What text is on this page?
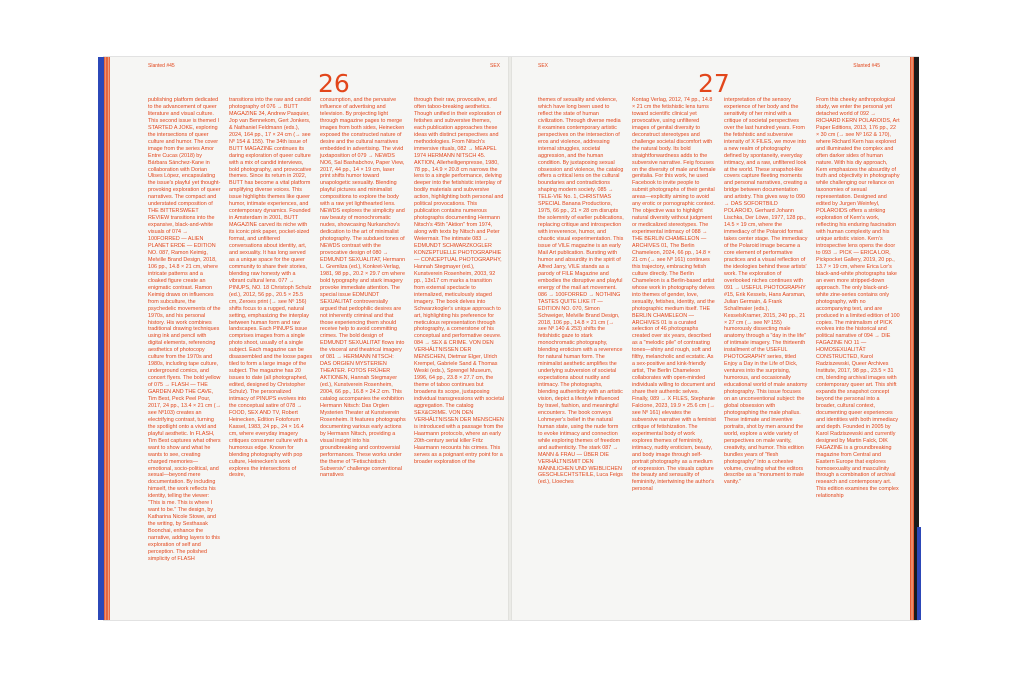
Slanted #45	SEX
26
publishing platform dedicated to the advancement of queer literature and visual culture. This second issue is themed I STARTED A JOKE, exploring the intersections of queer culture and humor. The cover image from the series Amor Entre Cucas (2018) by Bárbara Sánchez-Kane in collaboration with Dorian Ulises López, encapsulating the issue's playful yet thought-provoking exploration of queer narratives. The compact and understated composition of THE BITTERSWEET REVIEW transitions into the expansive, black-and-white visuals of 074 → 100FORRED — ALIEN PLANET ERDE — EDITION NO. 087, Ramon Keimig, Melville Brand Design, 2018, 106 pp., 14.8 × 21 cm, where intricate patterns and a cloaked figure create an enigmatic contrast. Ramon Keimig draws on influences from subculture, the psychedelic movements of the 1970s, and his personal history. His work combines traditional drawing techniques using ink and pencil with digital elements, referencing aesthetics of photocopy culture from the 1970s and 1980s, including tape culture, underground comics, and concert flyers. The bold yellow of 075 → FLASH — THE GARDEN AND THE CAVE, Tim Best, Peck Peel Pour, 2017, 24 pp., 13.4 × 21 cm (→ see Nº103) creates an electrifying contrast, turning the spotlight onto a vivid and playful aesthetic. In FLASH, Tim Best captures what others want to show and what he wants to see, creating charged memories—emotional, socio-political, and sexual—beyond mere documentation. By including himself, the work reflects his identity, telling the viewer: "This is me. This is where I want to be." The design, by Katharina Nicole Stowe, and the writing, by Sesthasak Boonchai, enhance the narrative, adding layers to this exploration of self and perception. The polished simplicity of FLASH
transitions into the raw and candid photography of 076 → BUTT MAGAZINE 34, Andrew Pasquier, Jop van Bennekom, Gert Jonkers, & Nathaniel Feldmann (eds.), 2024, 164 pp., 17 × 24 cm (→ see Nº 154 & 155). The 34th issue of BUTT MAGAZINE continues its daring exploration of queer culture with a mix of candid interviews, bold photography, and provocative themes. Since its return in 2022, BUTT has become a vital platform amplifying diverse voices. This issue highlights themes like queer humor, intimate experiences, and contemporary dynamics. Founded in Amsterdam in 2001, BUTT MAGAZINE carved its niche with its iconic pink paper, pocket-sized format, and unfiltered conversations about identity, art, and sexuality. It has long served as a unique space for the queer community to share their stories, blending raw honesty with a vibrant cultural lens. 077 → PINUPS, NO. 18 Christoph Schulz (ed.), 2012, 56 pp., 20.5 × 25.5 cm, Zeroes print (→ see Nº 156) shifts focus to a rugged, natural setting, emphasizing the interplay between human form and raw landscapes. Each PINUPS issue comprises images from a single photo shoot, usually of a single subject. Each magazine can be disassembled and the loose pages tiled to form a large image of the subject. The magazine has 20 issues to date (all photographed, edited, designed by Christopher Schulz). The personalized intimacy of PINUPS evolves into the conceptual satire of 078 → FOOD, SEX AND TV, Robert Heinecken, Edition Fotoforum Kassel, 1983, 24 pp., 24 × 16.4 cm, where everyday imagery critiques consumer culture with a humorous edge. Known for blending photography with pop culture, Heinecken's work explores the intersections of desire,
consumption, and the pervasive influence of advertising and television. By projecting light through magazine pages to merge images from both sides, Heinecken exposed the constructed nature of desire and the cultural narratives embedded in advertising. The vivid juxtaposition of 079 → NEWDS NO6, Sal Bashabchov, Paper View, 2017, 44 pp., 14 × 19 cm, laser print shifts humor toward unapologetic sexuality. Blending playful pictures and minimalist compositions to explore the body with a raw yet lighthearted lens. NEWDS explores the simplicity and raw beauty of monochromatic nudes, showcasing Nurkanchov's dedication to the art of minimalist photography. The subdued tones of NEWDS contrast with the provocative design of 080 → EDMUNDT SEXUALITAT, Hermann L. Gremliza (ed.), Konkret-Verlag, 1981, 98 pp., 20.2 × 29.7 cm where bold typography and stark imagery provoke immediate attention. The special issue EDMUNDT SEXUALITAT controversially argued that pedophilic desires are not inherently criminal and that those experiencing them should receive help to avoid committing crimes. The bold design of EDMUNDT SEXUALITAT flows into the visceral and theatrical imagery of 081 → HERMANN NITSCH: DAS ORGIEN MYSTERIEN THEATER. FOTOS FRÜHER AKTIONEN, Hannah Stegmayer (ed.), Kunstverein Rosenheim, 2004, 66 pp., 16.8 × 24.2 cm. This catalog accompanies the exhibition Hermann Nitsch: Das Orgien Mysterien Theater at Kunstverein Rosenheim. It features photographs documenting various early actions by Hermann Nitsch, providing a visual insight into his groundbreaking and controversial performances. These works under the theme of "Fetischistisch Subversiv" challenge conventional narratives
through their raw, provocative, and often taboo-breaking aesthetics. Though unified in their exploration of fetishes and subversive themes, each publication approaches these ideas with distinct perspectives and methodologies. From Nitsch's immersive rituals, 082 → MEAPEL 1974 HERMANN NITSCH 45. AKTION, Allerheiligenpresse, 1980, 78 pp., 14.9 × 20.8 cm narrows the lens to a single performance, delving deeper into the fetishistic interplay of bodily materials and subversive action, highlighting both personal and political provocations. This publication contains numerous photographs documenting Hermann Nitsch's 45th "Aktion" from 1974, along with texts by Nitsch and Peter Weiermair. The intimate 083 → EDMUNDT SCHWARZKOGLER KONZEPTUELLE PHOTOGRAPHIE — CONCEPTUAL PHOTOGRAPHY, Hannah Stegmayer (ed.), Kunstverein Rosenheim, 2003, 92 pp., 13x17 cm marks a transition from external spectacle to internalized, meticulously staged imagery. The book delves into Schwarzkogler's unique approach to art, highlighting his preference for meticulous representation through photography, a cornerstone of his conceptual and performative oeuvre. 084 → SEX & CRIME. VON DEN VERHÄLTNISSEN DER MENSCHEN, Dietmar Elger, Ulrich Krempel, Gabriele Sand & Thomas Weski (eds.), Sprengel Museum, 1996, 64 pp., 23.8 × 27.7 cm, the theme of taboo continues but broadens its scope, juxtaposing individual transgressions with societal aggregation. The catalog SEX&CRIME. VON DEN VERHÄLTNISSEN DER MENSCHEN is introduced with a passage from the Haarmann protocols, where an early 20th-century serial killer Fritz Haarmann recounts his crimes. This serves as a poignant entry point for a broader exploration of the
SEX	Slanted #45
27
themes of sexuality and violence, which have long been used to reflect the state of human civilization. Through diverse media it examines contemporary artistic perspectives on the intersection of eros and violence, addressing internal struggles, societal aggression, and the human condition. By juxtaposing sexual obsession and violence, the catalog offers a critical lens on the cultural boundaries and contradictions shaping modern society. 085 → TELE-VIE No. 1, CHRISTMAS SPECIAL Banana Productions, 1975, 66 pp., 21 × 28 cm disrupts the solemnity of earlier publications, replacing critique and introspection with irreverence, humor, and chaotic visual experimentation. This issue of VILE magazine is an early Mail Art publication. Bursting with humor and absurdity in the spirit of Alfred Jarry, VILE stands as a parody of FILE Magazine and embodies the disruptive and playful energy of the mail art movement. 086 → 100FORRED → NOTHING TASTES QUITE LIKE IT — EDITION NO. 070, Simon Schweiger, Melville Brand Design, 2018, 106 pp., 14.8 × 21 cm (→ see Nº 140 & 253) shifts the fetishistic gaze to stark monochromatic photography, blending eroticism with a reverence for natural human form. The minimalist aesthetic amplifies the underlying subversion of societal expectations about nudity and intimacy. The photographs, blending authenticity with an artistic vision, depict a lifestyle influenced by travel, fashion, and meaningful encounters. The book conveys Lohmeyer's belief in the natural human state, using the nude form to evoke intimacy and connection while exploring themes of freedom and authenticity. The stark 087 → MANN & FRAU — ÜBER DIE VERHÄLTNISMIT DEN MÄNNLICHEN UND WEIBLICHEN GESCHLECHTSTEILE, Luca Feigs (ed.), Lloeches
Kontag Verlag, 2012, 74 pp., 14.8 × 21 cm the fetishistic lens turns toward scientific clinical yet provocative, using unfiltered images of genital diversity to deconstruct stereotypes and challenge societal discomfort with the natural body. Its bold straightforwardness adds to the subversive narrative. Feig focuses on the diversity of male and female genitalia. For this work, he used Facebook to invite people to submit photographs of their genital areas—explicitly aiming to avoid any erotic or pornographic context. The objective was to highlight natural diversity without judgment or medicalized stereotypes. The experimental intimacy of 088 → THE BERLIN CHAMELEON — ARCHIVES 01, The Berlin Chameleon, 2024, 66 pp., 14.8 × 21 cm (→ see Nº 161) continues this trajectory, embracing fetish culture directly. The Berlin Chameleon is a Berlin-based artist whose work in photography delves into themes of gender, love, sexuality, fetishes, identity, and the photographic medium itself. THE BERLIN CHAMELEON — ARCHIVES 01 is a curated selection of 46 photographs created over six years, described as a "melodic pile" of contrasting tones—shiny and rough, soft and filthy, melancholic and ecstatic. As a sex-positive and kink-friendly artist, The Berlin Chameleon collaborates with open-minded individuals willing to document and share their authentic selves. Finally, 089 → X FILES, Stephanie Falcione, 2023, 19.9 × 25.6 cm (→ see Nº 161) elevates the subversive narrative with a feminist critique of fetishization. The experimental body of work explores themes of femininity, intimacy, nudity eroticism, beauty, and body image through self-portrait photography as a medium of expression. The visuals capture the beauty and sensuality of femininity, intertwining the author's personal
interpretation of the sensory experience of her body and the sensitivity of her mind with a critique of societal perspectives over the last hundred years. From the fetishistic and subversive intensity of X FILES, we move into a new realm of photography defined by spontaneity, everyday intimacy, and a raw, unfiltered look at the world. These snapshot-like covers capture fleeting moments and personal narratives, creating a bridge between documentation and artistry. This gives way to 090 → DAS SOFORTBILD POLAROID, Gerhard Johann Lischka, Der Löwe, 1977, 128 pp., 14.5 × 19 cm, where the immediacy of the Polaroid format takes center stage. The immediacy of the Polaroid image became a core element of performative practices and a visual reflection of the ideologies behind these artists' work. The exploration of overlooked niches continues with 091 → USEFUL PHOTOGRAPHY #15, Erik Kessels, Hans Aarsman, Julian Germain, & Frank Schallmaier (eds.), KesselsKramer, 2015, 240 pp., 21 × 27 cm (→ see Nº 155) humorously dissecting male anatomy through a "day in the life" of intimate imagery. The thirteenth installment of the USEFUL PHOTOGRAPHY series, titled Enjoy a Day in the Life of Dick, ventures into the surprising, humorous, and occasionally educational world of male anatomy photography. This issue focuses on an unconventional subject: the global obsession with photographing the male phallus. These intimate and inventive portraits, shot by men around the world, explore a wide variety of perspectives on male vanity, creativity, and humor. This edition bundles years of "flesh photography" into a cohesive volume, creating what the editors describe as a "monument to male vanity."
From this cheeky anthropological study, we enter the personal yet detached world of 092 → RICHARD KERN POLAROIDS, Art Paper Editions, 2013, 176 pp., 22 × 30 cm (→ see Nº 162 & 170), where Richard Kern has explored and illuminated the complex and often darker sides of human nature. With his diy approach, Kern emphasizes the absurdity of truth and objectivity in photography while challenging our reliance on taxonomies of sexual representation. Designed and edited by Jurgen Weinfeyl, POLAROIDS offers a striking exploration of Kern's work, reflecting his enduring fascination with human complexity and his unique artistic vision. Kern's introspective lens opens the door to 093 → PICK — ERICA LOR, Pickpocket Gallery, 2019, 20 pp., 13.7 × 19 cm, where Erica Lor's black-and-white photographs take an even more stripped-down approach. The only black-and-white zine-series contains only photography, with no accompanying text, and are produced in a limited edition of 100 copies. The minimalism of PICK evolves into the historical and political narrative of 094 → DIE FAGAZINE NO 11 — HOMOSEXUALITÄT CONSTRUCTED, Karol Radziszewski, Queer Archives Institute, 2017, 98 pp., 23.5 × 31 cm, blending archival images with contemporary queer art. This shift expands the snapshot concept beyond the personal into a broader, cultural context, documenting queer experiences and identities with both immediacy and depth. Founded in 2005 by Karol Radziszewski and currently designed by Martin Falck, DIK FAGAZINE is a groundbreaking magazine from Central and Eastern Europe that explores homosexuality and masculinity through a combination of archival research and contemporary art. This edition examines the complex relationship
